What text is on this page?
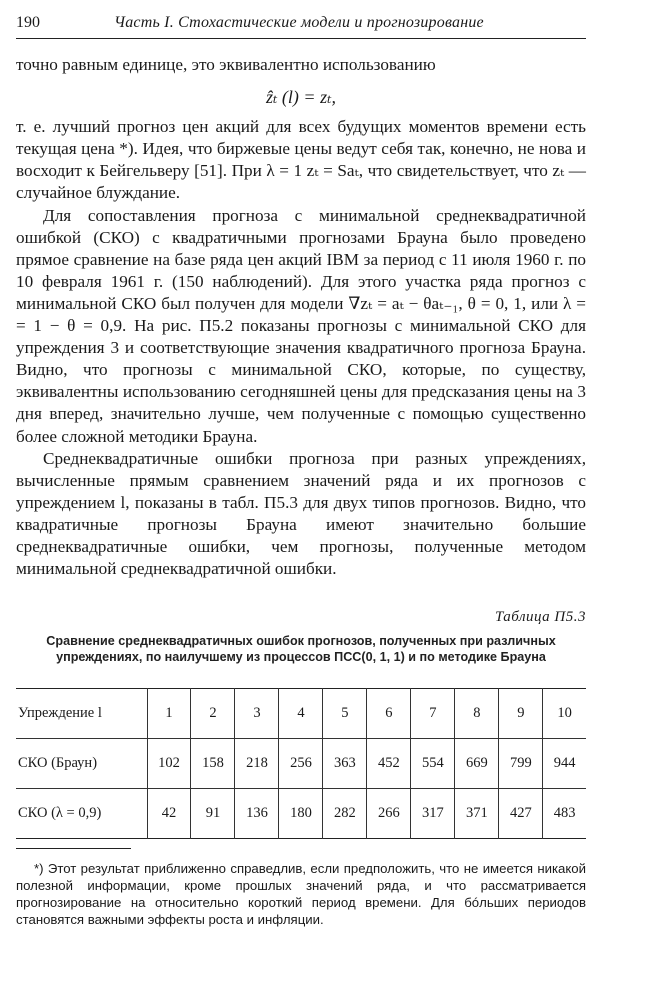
190	Часть I. Стохастические модели и прогнозирование

точно равным единице, это эквивалентно использованию

ẑₜ (l) = zₜ,

т. е. лучший прогноз цен акций для всех будущих моментов времени есть текущая цена *). Идея, что биржевые цены ведут себя так, конечно, не нова и восходит к Бейгельверу [51]. При λ = 1 zₜ = Saₜ, что свидетельствует, что zₜ — случайное блуждание.

Для сопоставления прогноза с минимальной среднеквадратичной ошибкой (СКО) с квадратичными прогнозами Брауна было проведено прямое сравнение на базе ряда цен акций IBM за период с 11 июля 1960 г. по 10 февраля 1961 г. (150 наблюдений). Для этого участка ряда прогноз с минимальной СКО был получен для модели ∇zₜ = aₜ − θaₜ₋₁, θ = 0, 1, или λ = = 1 − θ = 0,9. На рис. П5.2 показаны прогнозы с минимальной СКО для упреждения 3 и соответствующие значения квадратичного прогноза Брауна. Видно, что прогнозы с минимальной СКО, которые, по существу, эквивалентны использованию сегодняшней цены для предсказания цены на 3 дня вперед, значительно лучше, чем полученные с помощью существенно более сложной методики Брауна.

Среднеквадратичные ошибки прогноза при разных упреждениях, вычисленные прямым сравнением значений ряда и их прогнозов с упреждением l, показаны в табл. П5.3 для двух типов прогнозов. Видно, что квадратичные прогнозы Брауна имеют значительно большие среднеквадратичные ошибки, чем прогнозы, полученные методом минимальной среднеквадратичной ошибки.

Таблица П5.3
Сравнение среднеквадратичных ошибок прогнозов, полученных при различных упреждениях, по наилучшему из процессов ПСС(0, 1, 1) и по методике Брауна
Упреждение l	1	2	3	4	5	6	7	8	9	10
СКО (Браун)	102	158	218	256	363	452	554	669	799	944
СКО (λ = 0,9)	42	91	136	180	282	266	317	371	427	483

*) Этот результат приближенно справедлив, если предположить, что не имеется никакой полезной информации, кроме прошлых значений ряда, и что рассматривается прогнозирование на относительно короткий период времени. Для бóльших периодов становятся важными эффекты роста и инфляции.
